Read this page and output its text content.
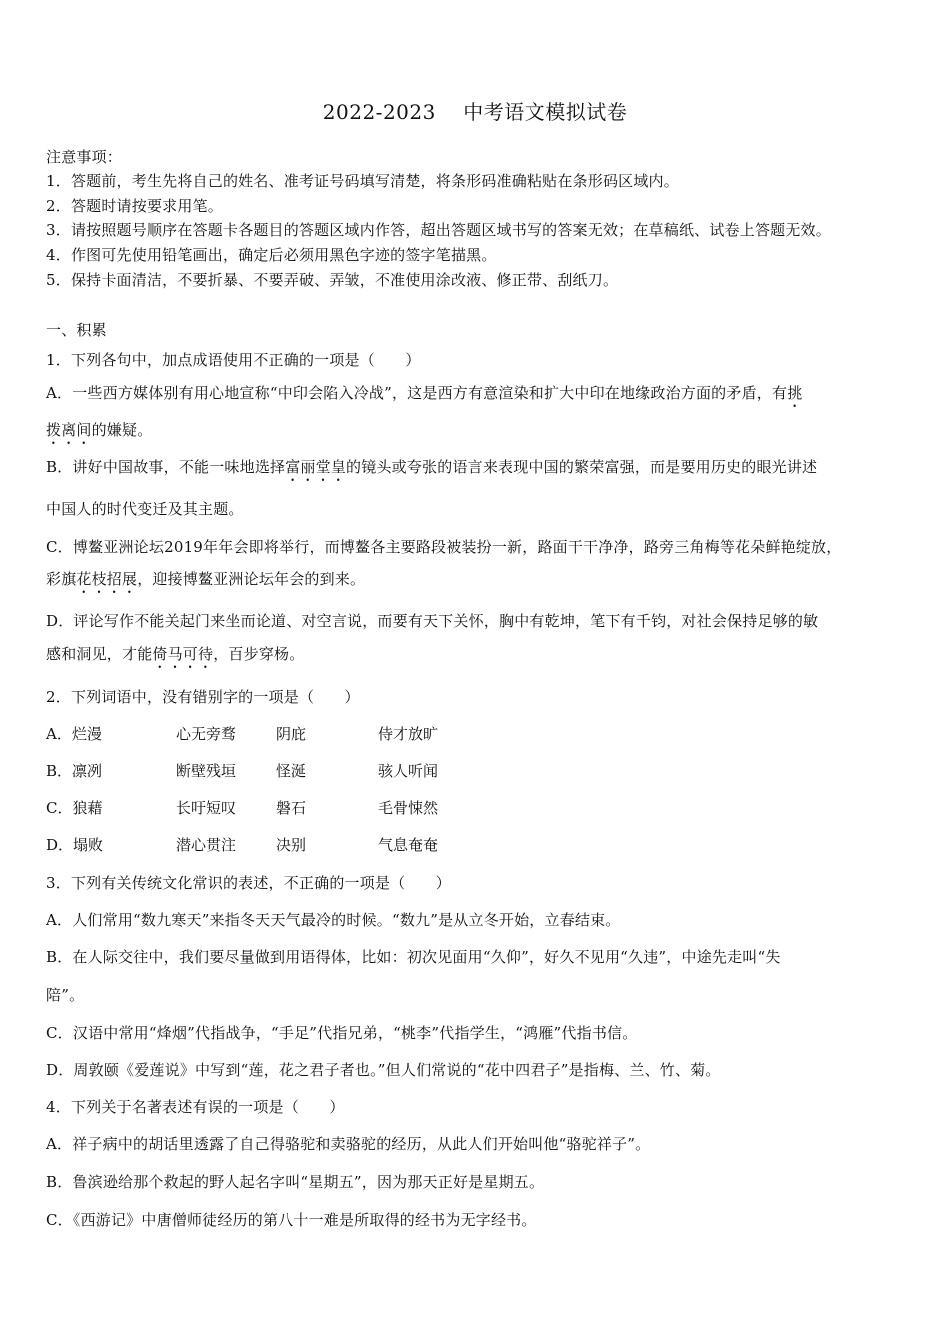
2022-2023　 中考语文模拟试卷
注意事项：
1．答题前，考生先将自己的姓名、准考证号码填写清楚，将条形码准确粘贴在条形码区域内。
2．答题时请按要求用笔。
3．请按照题号顺序在答题卡各题目的答题区域内作答，超出答题区域书写的答案无效；在草稿纸、试卷上答题无效。
4．作图可先使用铅笔画出，确定后必须用黑色字迹的签字笔描黑。
5．保持卡面清洁，不要折暴、不要弄破、弄皱，不准使用涂改液、修正带、刮纸刀。
一、积累
1．下列各句中，加点成语使用不正确的一项是（　　）
A．一些西方媒体别有用心地宣称“中印会陷入冷战”，这是西方有意渲染和扩大中印在地缘政治方面的矛盾，有挑
拨离间的嫌疑。
B．讲好中国故事，不能一味地选择富丽堂皇的镜头或夸张的语言来表现中国的繁荣富强，而是要用历史的眼光讲述
中国人的时代变迁及其主题。
C．博鳌亚洲论坛2019年年会即将举行，而博鳌各主要路段被装扮一新，路面干干净净，路旁三角梅等花朵鲜艳绽放，
彩旗花枝招展，迎接博鳌亚洲论坛年会的到来。
D．评论写作不能关起门来坐而论道、对空言说，而要有天下关怀，胸中有乾坤，笔下有千钧，对社会保持足够的敏
感和洞见，才能倚马可待，百步穿杨。
2．下列词语中，没有错别字的一项是（　　）
A．烂漫	心无旁骛	阴庇	侍才放旷
B．凛冽	断壁残垣	怪涎	骇人听闻
C．狼藉	长吁短叹	磐石	毛骨悚然
D．塌败	潜心贯注	决别	气息奄奄
3．下列有关传统文化常识的表述，不正确的一项是（　　）
A．人们常用“数九寒天”来指冬天天气最冷的时候。“数九”是从立冬开始，立春结束。
B．在人际交往中，我们要尽量做到用语得体，比如：初次见面用“久仰”，好久不见用“久违”，中途先走叫“失
陪”。
C．汉语中常用“烽烟”代指战争，“手足”代指兄弟，“桃李”代指学生，“鸿雁”代指书信。
D．周敦颐《爱莲说》中写到“莲，花之君子者也。”但人们常说的“花中四君子”是指梅、兰、竹、菊。
4．下列关于名著表述有误的一项是（　　）
A．祥子病中的胡话里透露了自己得骆驼和卖骆驼的经历，从此人们开始叫他“骆驼祥子”。
B．鲁滨逊给那个救起的野人起名字叫“星期五”，因为那天正好是星期五。
C．《西游记》中唐僧师徒经历的第八十一难是所取得的经书为无字经书。
